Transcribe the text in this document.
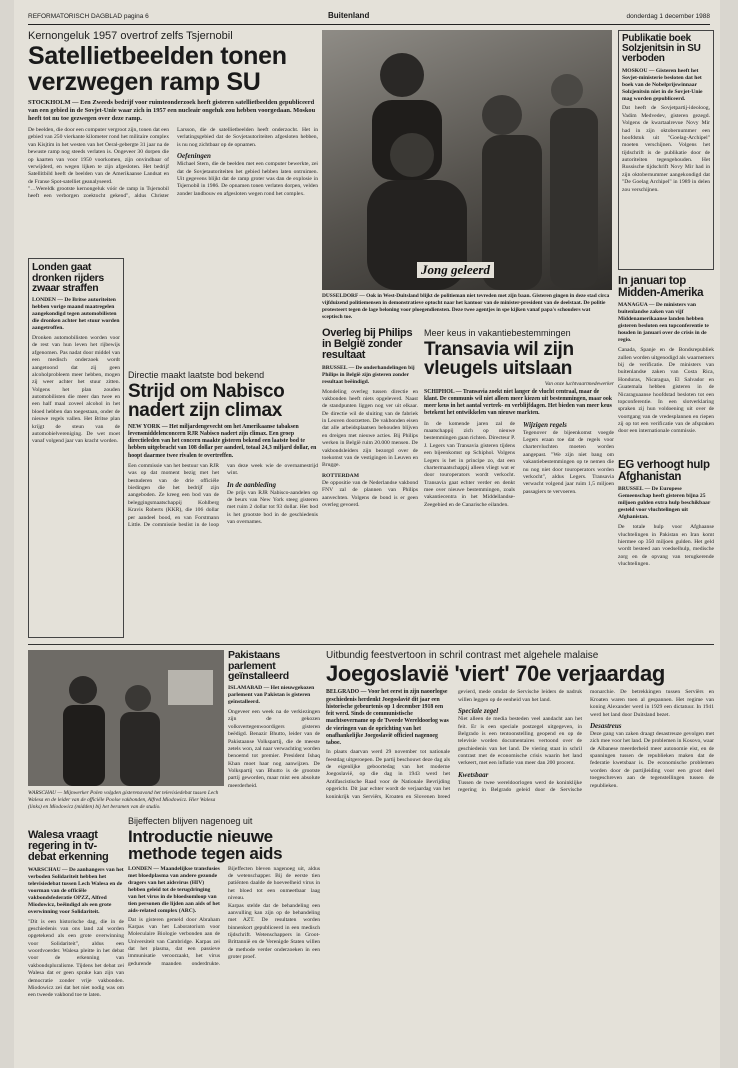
REFORMATORISCH DAGBLAD pagina 6	Buitenland	donderdag 1 december 1988
Kernongeluk 1957 overtrof zelfs Tsjernobil
Satellietbeelden tonen verzwegen ramp SU
STOCKHOLM — Een Zweeds bedrijf voor ruimteonderzoek heeft gisteren satellietbeelden gepubliceerd van een gebied in de Sovjet-Unie waar zich in 1957 een nucleair ongeluk zou hebben voorgedaan. Moskou heeft tot nu toe gezwegen over deze ramp.
De beelden, die door een computer vergroot zijn, tonen dat een gebied van 250 vierkante kilometer rond het militaire complex van Kisjtim in het westen van het Oeral-gebergte 31 jaar na de bewuste ramp nog steeds verlaten is. Ongeveer 30 dorpen die op kaarten van voor 1950 voorkomen, zijn onvindbaar of verwijderd, en wegen lijken te zijn afgesloten. Het bedrijf Satellitbild heeft de beelden van de Amerikaanse Landsat en de Franse Spot-satelliet geanalyseerd.
"…Wereldk grootste kernongeluk vóór de ramp in Tsjernobil heeft een verborgen zoektocht gekend", aldus Christer Larsson, die de satellietbeelden heeft onderzocht. Het in verlatingsgebied dat de Sovjetautoriteiten afgesloten hebben, is nu nog zichtbaar op de opnamen.
Oefeningen
Michael Stern, die de beelden met een computer bewerkte, zei dat de Sovjetautoriteiten het gebied hebben laten ontruimen. Uit gegevens blijkt dat de ramp groter was dan de explosie in Tsjernobil in 1986. De opnamen tonen verlaten dorpen, velden zonder landbouw en afgesloten wegen rond het complex.
Jong geleerd
DÜSSELDORF — Ook in West-Duitsland blijkt de politieman niet tevreden met zijn baan. Gisteren gingen in deze stad circa vijfduizend politiemensen in demonstratieve optocht naar het kantoor van de minister-president van de deelstaat. De politie protesteert tegen de lage beloning voor ploegendiensten. Deze twee agentjes in spe kijken vanaf papa's schouders wat sceptisch toe.
Publikatie boek Solzjenitsin in SU verboden
MOSKOU — Gisteren heeft het Sovjet-ministerie besloten dat het boek van de Nobelprijswinnaar Solzjenitsin niet in de Sovjet-Unie mag worden gepubliceerd.
Dat heeft de Sovjetpartij-ideoloog, Vadim Medvedev, gisteren gezegd. Volgens de kwartaalrevue Novy Mir had in zijn oktobernummer een hoofdstuk uit "Goelag-Archipel" moeten verschijnen. Volgens het tijdschrift is de publikatie door de autoriteiten tegengehouden. Het Russische tijdschrift Novy Mir had in zijn oktobernummer aangekondigd dat "De Goelag Archipel" in 1989 in delen zou verschijnen.
In januari top Midden-Amerika
MANAGUA — De ministers van buitenlandse zaken van vijf Middenamerikaanse landen hebben gisteren besloten een topconferentie te houden in januari over de crisis in de regio.
Canada, Spanje en de Bondsrepubliek zullen worden uitgenodigd als waarnemers bij de verificatie. De ministers van buitenlandse zaken van Costa Rica, Honduras, Nicaragua, El Salvador en Guatemala hebben gisteren in de Nicaraguaanse hoofdstad besloten tot een topconferentie. In een slotverklaring spraken zij hun voldoening uit over de voortgang van de vredesplannen en riepen zij op tot een verificatie van de afspraken door een internationale commissie.
EG verhoogt hulp Afghanistan
BRUSSEL — De Europese Gemeenschap heeft gisteren bijna 25 miljoen gulden extra hulp beschikbaar gesteld voor vluchtelingen uit Afghanistan.
De totale hulp voor Afghaanse vluchtelingen in Pakistan en Iran komt hiermee op 350 miljoen gulden. Het geld wordt besteed aan voedselhulp, medische zorg en de opvang van terugkerende vluchtelingen.
Overleg bij Philips in België zonder resultaat
BRUSSEL — De onderhandelingen bij Philips in België zijn gisteren zonder resultaat beëindigd.
Mondeling overleg tussen directie en vakbonden heeft niets opgeleverd. Naast de standpunten liggen nog ver uit elkaar. De directie wil de sluiting van de fabriek in Leuven doorzetten. De vakbonden eisen dat alle arbeidsplaatsen behouden blijven en dreigen met nieuwe acties. Bij Philips werken in België ruim 20.000 mensen. De vakbondsleiders zijn bezorgd over de toekomst van de vestigingen in Leuven en Brugge.
ROTTERDAM
De oppositie van de Nederlandse vakbond FNV zal de plannen van Philips aanvechten. Volgens de bond is er geen overleg gevoerd.
Meer keus in vakantiebestemmingen
Transavia wil zijn vleugels uitslaan
Van onze luchtvaartmedewerker
SCHIPHOL — Transavia zoekt niet langer de vlucht centraal, maar de klant. De communis wil niet alleen meer kiezen uit bestemmingen, maar ook meer keus in het aantal vertrek- en verblijfdagen. Het bieden van meer keus betekent het ontwikkelen van nieuwe markten.
In de komende jaren zal de maatschappij zich op nieuwe bestemmingen gaan richten. Directeur P. J. Legers van Transavia gisteren tijdens een bijeenkomst op Schiphol. Volgens Legers is het in principe zo, dat een chartermaatschappij alleen vliegt wat er door touroperators wordt verkocht. Transavia gaat echter verder en denkt mee over nieuwe bestemmingen, zoals vakantiecentra in het Middellandse-Zeegebied en de Canarische eilanden.
Wijzigen regels
Tegenover de bijeenkomst voegde Legers eraan toe dat de regels voor chartervluchten moeten worden aangepast. "We zijn niet bang om vakantiebestemmingen op te nemen die nu nog niet door touroperators worden verkocht", aldus Legers. Transavia verwacht volgend jaar ruim 1,5 miljoen passagiers te vervoeren.
Londen gaat dronken rijders zwaar straffen
LONDEN — De Britse autoriteiten hebben vorige maand maatregelen aangekondigd tegen automobilisten die dronken achter het stuur worden aangetroffen.
Dronken automobilisten worden voor de rest van hun leven het rijbewijs afgenomen. Pas nadat door middel van een medisch onderzoek wordt aangetoond dat zij geen alcoholprobleem meer hebben, mogen zij weer achter het stuur zitten. Volgens het plan zouden automobilisten die meer dan twee en een half maal zoveel alcohol in het bloed hebben dan toegestaan, onder de nieuwe regels vallen. Het Britse plan krijgt de steun van de automobielvereniging. De wet moet vanaf volgend jaar van kracht worden.
Directie maakt laatste bod bekend
Strijd om Nabisco nadert zijn climax
NEW YORK — Het miljardengevecht om het Amerikaanse tabaksen levensmiddelenconcern RJR Nabisco nadert zijn climax. Een groep directieleden van het concern maakte gisteren bekend een laatste bod te hebben uitgebracht van 108 dollar per aandeel, totaal 24,3 miljard dollar, en hoopt daarmee twee rivalen te overtreffen.
Een commissie van het bestuur van RJR was op dat moment bezig met het bestuderen van de drie officiële biedingen die het bedrijf zijn aangeboden. Ze kreeg een bod van de beleggingsmaatschappij Kohlberg Kravis Roberts (KKR), die 106 dollar per aandeel bood, en van Forstmann Little. De commissie beslist in de loop van deze week wie de overnamestrijd wint.
In de aanbieding
De prijs van RJR Nabisco-aandelen op de beurs van New York steeg gisteren met ruim 2 dollar tot 93 dollar. Het bod is het grootste bod in de geschiedenis van overnames.
WARSCHAU — Mijnwerker Polen volgden gisterenavond het televisiedebat tussen Lech Walesa en de leider van de officiële Poolse vakbonden, Alfred Miodowicz. Hier Walesa (links) en Miodowicz (midden) bij het beramen van de studio.
Pakistaans parlement geïnstalleerd
ISLAMABAD — Het nieuwgekozen parlement van Pakistan is gisteren geïnstalleerd.
Ongeveer een week na de verkiezingen zijn de gekozen volksvertegenwoordigers gisteren beëdigd. Benazir Bhutto, leider van de Pakistaanse Volkspartij, die de meeste zetels won, zal naar verwachting worden benoemd tot premier. President Ishaq Khan moet haar nog aanwijzen. De Volkspartij van Bhutto is de grootste partij geworden, maar mist een absolute meerderheid.
Walesa vraagt regering in tv-debat erkenning
WARSCHAU — De aanhangers van het verboden Solidariteit hebben het televisiedebat tussen Lech Walesa en de voorman van de officiële vakbondsfederatie OPZZ, Alfred Miodowicz, beëindigd als een grote overwinning voor Solidariteit.
"Dit is een historische dag, die in de geschiedenis van ons land zal worden opgetekend als een grote overwinning voor Solidariteit", aldus een woordvoerder. Walesa pleitte in het debat voor de erkenning van vakbondspluralisme. Tijdens het debat zei Walesa dat er geen sprake kan zijn van democratie zonder vrije vakbonden. Miodowicz zei dat het niet nodig was om een tweede vakbond toe te laten.
Bijeffecten blijven nagenoeg uit
Introductie nieuwe methode tegen aids
LONDEN — Maandelijkse transfusies met bloedplasma van andere gezonde dragers van het aidsvirus (HIV) hebben geleid tot de terugdringing van het virus in de bloedsomloop van tien personen die lijden aan aids of het aids-related complex (ARC).
Dat is gisteren gemeld door Abraham Karpas van het Laboratorium voor Moleculaire Biologie verbonden aan de Universiteit van Cambridge. Karpas zei dat het plasma, dat een passieve immunisatie veroorzaakt, het virus gedurende maanden onderdrukte. Bijeffecten bleven nagenoeg uit, aldus de wetenschapper. Bij de eerste tien patiënten daalde de hoeveelheid virus in het bloed tot een onmeetbaar laag niveau.
Karpas stelde dat de behandeling een aanvulling kan zijn op de behandeling met AZT. De resultaten worden binnenkort gepubliceerd in een medisch tijdschrift. Wetenschappers in Groot-Brittannië en de Verenigde Staten willen de methode verder onderzoeken in een groter proef.
Uitbundig feestvertoon in schril contrast met algehele malaise
Joegoslavië 'viert' 70e verjaardag
BELGRADO — Voor het eerst in zijn naoorlogse geschiedenis herdenkt Joegoslavië dit jaar een historische gebeurtenis op 1 december 1918 een feit werd. Sinds de communistische machtsovername op de Tweede Wereldoorlog was de vieringen van de oprichting van het onafhankelijke Joegoslavië officieel nagenoeg taboe.
In plaats daarvan werd 29 november tot nationale feestdag uitgeroepen. De partij beschouwt deze dag als de eigenlijke geboortedag van het moderne Joegoslavië, op die dag in 1943 werd het Antifascistische Raad voor de Nationale Bevrijding opgericht. Dit jaar echter wordt de verjaardag van het koninkrijk van Serviërs, Kroaten en Slovenen breed gevierd, mede omdat de Servische leiders de nadruk willen leggen op de eenheid van het land.
Speciale zegel
Niet alleen de media besteden veel aandacht aan het feit. Er is een speciale postzegel uitgegeven, in Belgrado is een tentoonstelling geopend en op de televisie worden documentaires vertoond over de geschiedenis van het land. De viering staat in schril contrast met de economische crisis waarin het land verkeert, met een inflatie van meer dan 200 procent.
Kwetsbaar
Tussen de twee wereldoorlogen werd de koninklijke regering in Belgrado geleid door de Servische monarchie. De betrekkingen tussen Serviërs en Kroaten waren toen al gespannen. Het regime van koning Alexander werd in 1929 een dictatuur. In 1941 werd het land door Duitsland bezet.
Desastreus
Deze gang van zaken draagt desastreuze gevolgen met zich mee voor het land. De problemen in Kosovo, waar de Albanese meerderheid meer autonomie eist, en de spanningen tussen de republieken maken dat de federatie kwetsbaar is. De economische problemen worden door de partijleiding voor een groot deel toegeschreven aan de tegenstellingen tussen de republieken.
